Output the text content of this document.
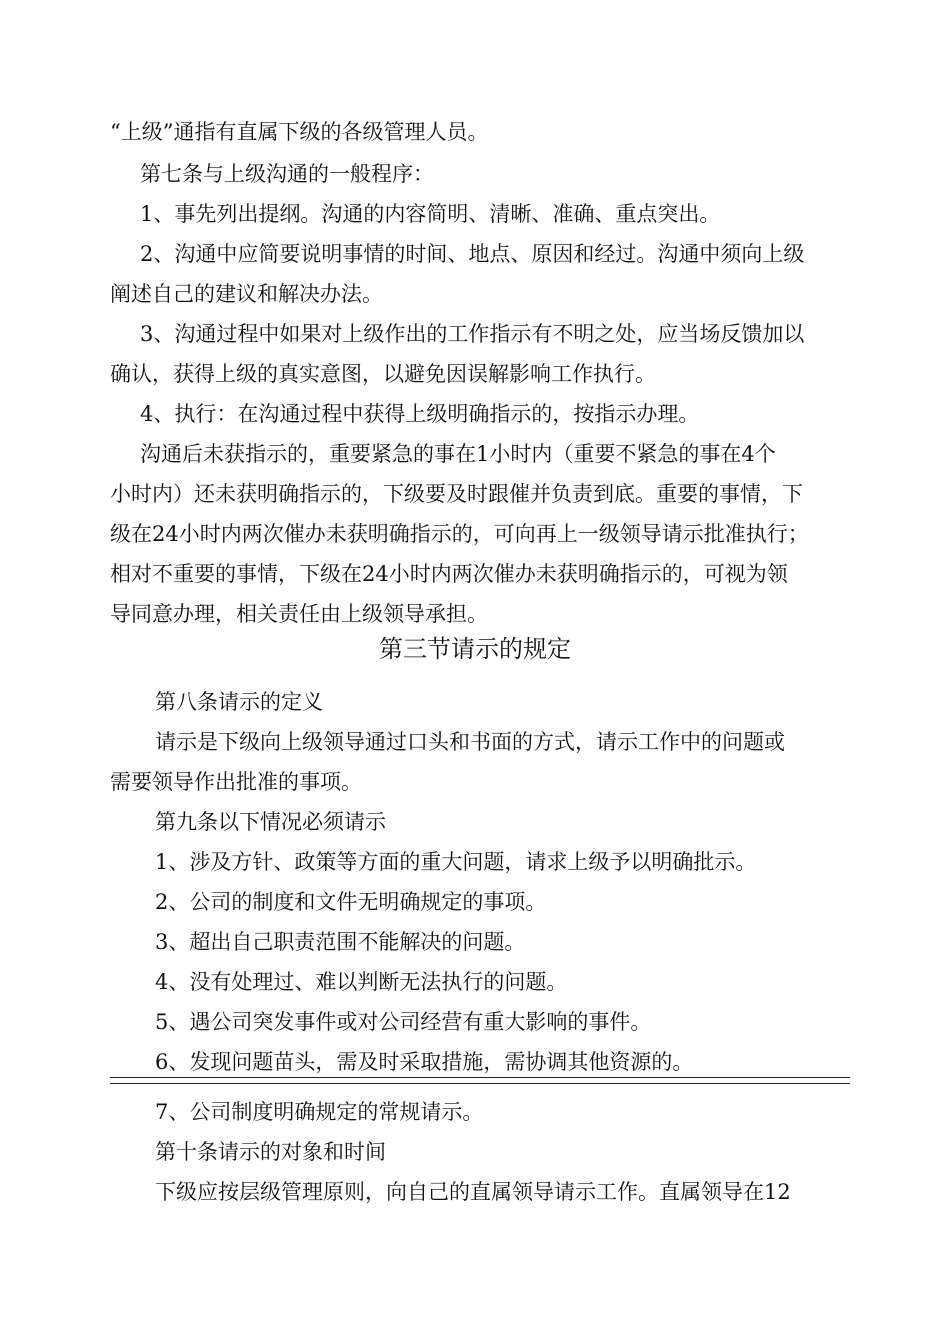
“上级”通指有直属下级的各级管理人员。
第七条与上级沟通的一般程序：
1、事先列出提纲。沟通的内容简明、清晰、准确、重点突出。
2、沟通中应简要说明事情的时间、地点、原因和经过。沟通中须向上级
阐述自己的建议和解决办法。
3、沟通过程中如果对上级作出的工作指示有不明之处，应当场反馈加以
确认，获得上级的真实意图，以避免因误解影响工作执行。
4、执行：在沟通过程中获得上级明确指示的，按指示办理。
沟通后未获指示的，重要紧急的事在1小时内（重要不紧急的事在4个
小时内）还未获明确指示的，下级要及时跟催并负责到底。重要的事情，下
级在24小时内两次催办未获明确指示的，可向再上一级领导请示批准执行；
相对不重要的事情，下级在24小时内两次催办未获明确指示的，可视为领
导同意办理，相关责任由上级领导承担。
第三节请示的规定
第八条请示的定义
请示是下级向上级领导通过口头和书面的方式，请示工作中的问题或
需要领导作出批准的事项。
第九条以下情况必须请示
1、涉及方针、政策等方面的重大问题，请求上级予以明确批示。
2、公司的制度和文件无明确规定的事项。
3、超出自己职责范围不能解决的问题。
4、没有处理过、难以判断无法执行的问题。
5、遇公司突发事件或对公司经营有重大影响的事件。
6、发现问题苗头，需及时采取措施，需协调其他资源的。
7、公司制度明确规定的常规请示。
第十条请示的对象和时间
下级应按层级管理原则，向自己的直属领导请示工作。直属领导在12
